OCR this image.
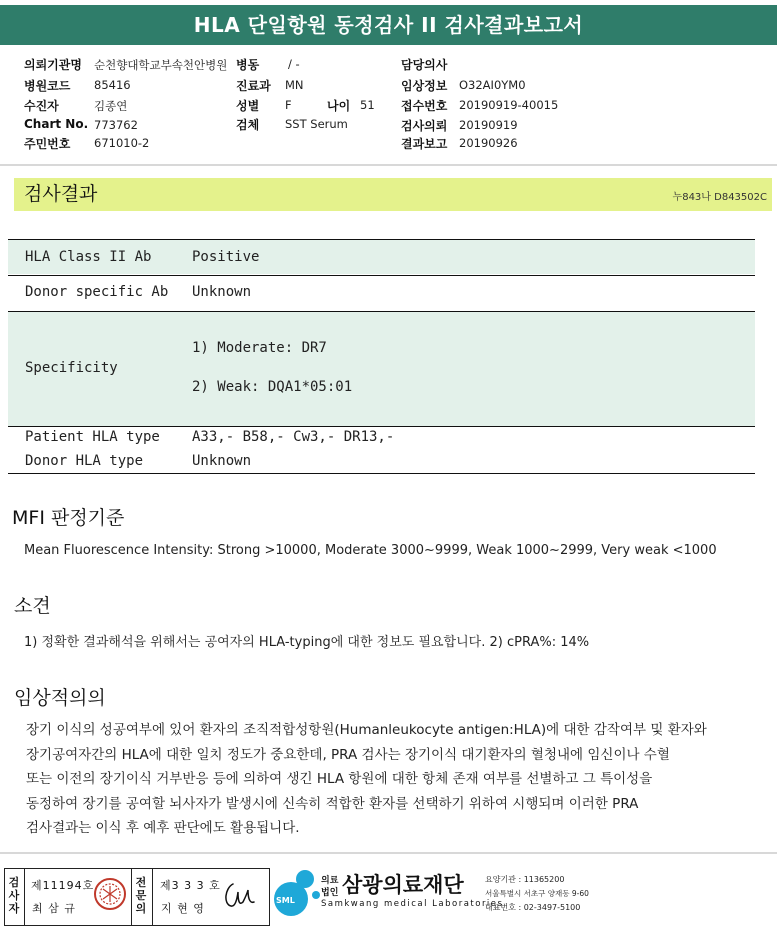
HLA 단일항원 동정검사 II 검사결과보고서
의뢰기관명 순천향대학교부속천안병원 병동	/ -	담당의사
병원코드 85416	진료과 MN	임상정보 O32AI0YM0
수진자	김종연	성별 F	나이 51 접수번호 20190919-40015
Chart No. 773762	검체 SST Serum	검사의뢰 20190919
주민번호 671010-2	결과보고 20190926
검사결과	누843나 D843502C
HLA Class II Ab	Positive
Donor specific Ab Unknown
Specificity
1) Moderate: DR7
2) Weak: DQA1*05:01
Patient HLA type A33,- B58,- Cw3,- DR13,-
Donor HLA type	Unknown
MFI 판정기준
Mean Fluorescence Intensity: Strong >10000, Moderate 3000~9999, Weak 1000~2999, Very weak <1000
소견
1) 정확한 결과해석을 위해서는 공여자의 HLA-typing에 대한 정보도 필요합니다. 2) cPRA%: 14%
임상적의의
장기 이식의 성공여부에 있어 환자의 조직적합성항원(Humanleukocyte antigen:HLA)에 대한 감작여부 및 환자와
장기공여자간의 HLA에 대한 일치 정도가 중요한데, PRA 검사는 장기이식 대기환자의 혈청내에 임신이나 수혈
또는 이전의 장기이식 거부반응 등에 의하여 생긴 HLA 항원에 대한 항체 존재 여부를 선별하고 그 특이성을
동정하여 장기를 공여할 뇌사자가 발생시에 신속히 적합한 환자를 선택하기 위하여 시행되며 이러한 PRA
검사결과는 이식 후 예후 판단에도 활용됩니다.
검
사
자
제11194호
최 삼 규
전
문
의
제3 3 3 호
지 현 영
SML
의료
법인 삼광의료재단
Samkwang medical Laboratories
요양기관 : 11365200
서울특별시 서초구 양재동 9-60
대표번호 : 02-3497-5100
